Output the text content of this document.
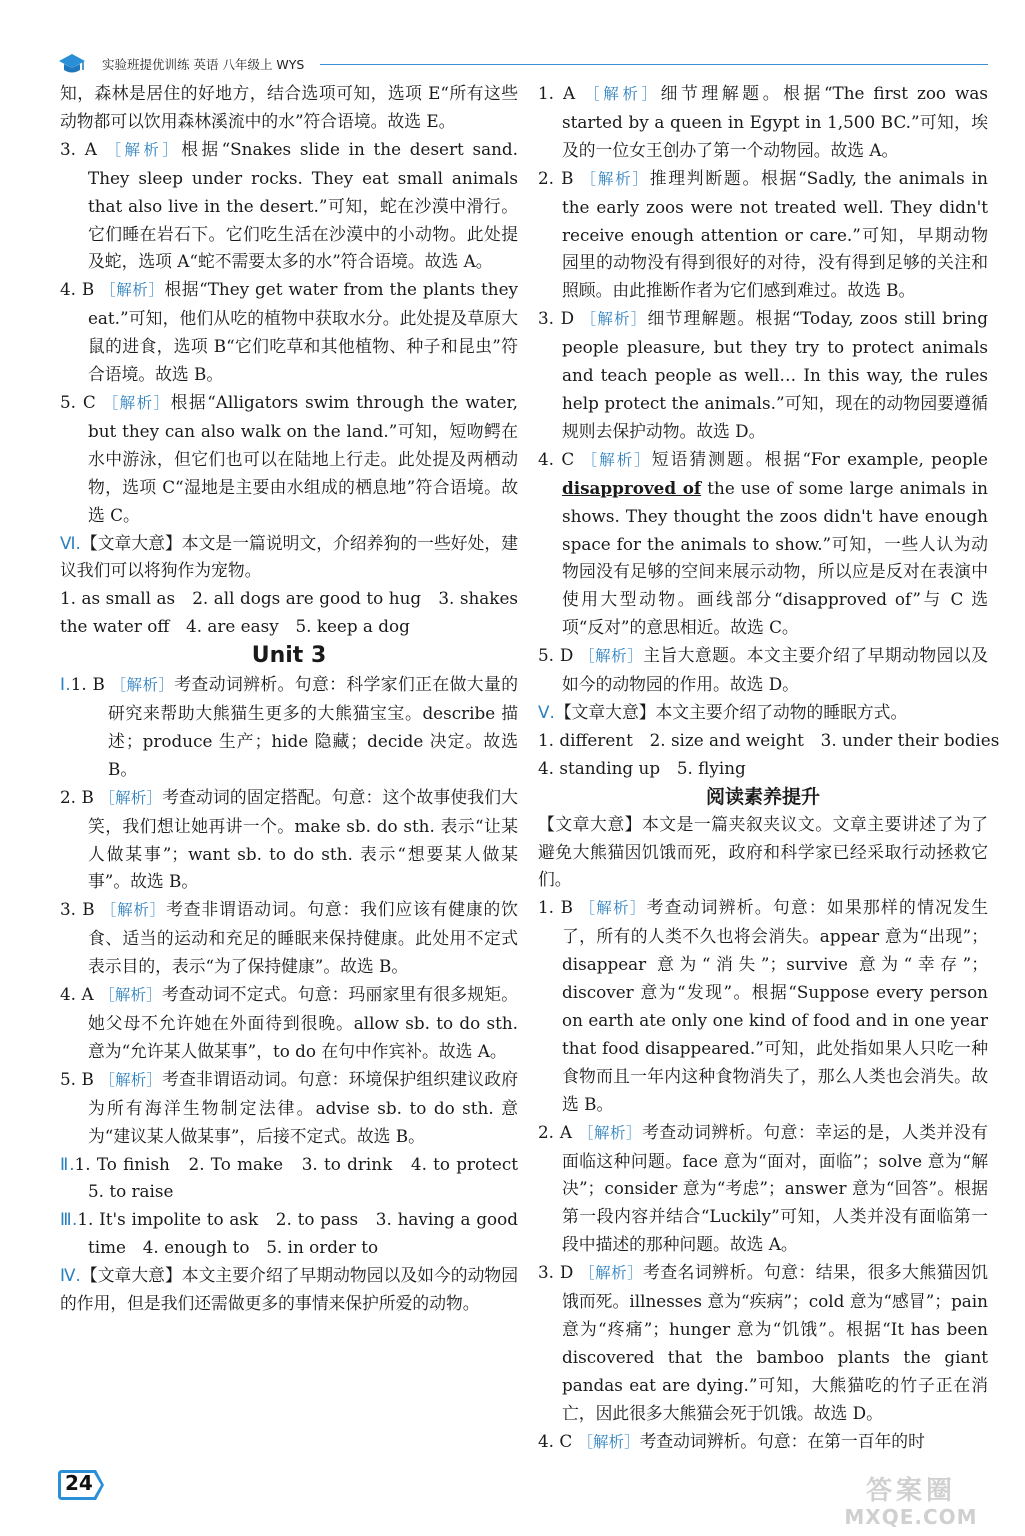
实验班提优训练 英语 八年级上 WYS

知，森林是居住的好地方，结合选项可知，选项 E“所有这些动物都可以饮用森林溪流中的水”符合语境。故选 E。

3. A ［解析］根据“Snakes slide in the desert sand. They sleep under rocks. They eat small animals that also live in the desert.”可知，蛇在沙漠中滑行。它们睡在岩石下。它们吃生活在沙漠中的小动物。此处提及蛇，选项 A“蛇不需要太多的水”符合语境。故选 A。

4. B ［解析］根据“They get water from the plants they eat.”可知，他们从吃的植物中获取水分。此处提及草原大鼠的进食，选项 B“它们吃草和其他植物、种子和昆虫”符合语境。故选 B。

5. C ［解析］根据“Alligators swim through the water, but they can also walk on the land.”可知，短吻鳄在水中游泳，但它们也可以在陆地上行走。此处提及两栖动物，选项 C“湿地是主要由水组成的栖息地”符合语境。故选 C。

Ⅵ.【文章大意】本文是一篇说明文，介绍养狗的一些好处，建议我们可以将狗作为宠物。

1. as small as　2. all dogs are good to hug　3. shakes the water off　4. are easy　5. keep a dog

Unit 3

Ⅰ.1. B ［解析］考查动词辨析。句意：科学家们正在做大量的研究来帮助大熊猫生更多的大熊猫宝宝。describe 描述；produce 生产；hide 隐藏；decide 决定。故选 B。

2. B ［解析］考查动词的固定搭配。句意：这个故事使我们大笑，我们想让她再讲一个。make sb. do sth. 表示“让某人做某事”；want sb. to do sth. 表示“想要某人做某事”。故选 B。

3. B ［解析］考查非谓语动词。句意：我们应该有健康的饮食、适当的运动和充足的睡眠来保持健康。此处用不定式表示目的，表示“为了保持健康”。故选 B。

4. A ［解析］考查动词不定式。句意：玛丽家里有很多规矩。她父母不允许她在外面待到很晚。allow sb. to do sth. 意为“允许某人做某事”，to do 在句中作宾补。故选 A。

5. B ［解析］考查非谓语动词。句意：环境保护组织建议政府为所有海洋生物制定法律。advise sb. to do sth. 意为“建议某人做某事”，后接不定式。故选 B。

Ⅱ.1. To finish　2. To make　3. to drink　4. to protect　5. to raise

Ⅲ.1. It's impolite to ask　2. to pass　3. having a good time　4. enough to　5. in order to

Ⅳ.【文章大意】本文主要介绍了早期动物园以及如今的动物园的作用，但是我们还需做更多的事情来保护所爱的动物。

1. A ［解析］细节理解题。根据“The first zoo was started by a queen in Egypt in 1,500 BC.”可知，埃及的一位女王创办了第一个动物园。故选 A。

2. B ［解析］推理判断题。根据“Sadly, the animals in the early zoos were not treated well. They didn't receive enough attention or care.”可知，早期动物园里的动物没有得到很好的对待，没有得到足够的关注和照顾。由此推断作者为它们感到难过。故选 B。

3. D ［解析］细节理解题。根据“Today, zoos still bring people pleasure, but they try to protect animals and teach people as well… In this way, the rules help protect the animals.”可知，现在的动物园要遵循规则去保护动物。故选 D。

4. C ［解析］短语猜测题。根据“For example, people disapproved of the use of some large animals in shows. They thought the zoos didn't have enough space for the animals to show.”可知，一些人认为动物园没有足够的空间来展示动物，所以应是反对在表演中使用大型动物。画线部分“disapproved of”与 C 选项“反对”的意思相近。故选 C。

5. D ［解析］主旨大意题。本文主要介绍了早期动物园以及如今的动物园的作用。故选 D。

Ⅴ.【文章大意】本文主要介绍了动物的睡眠方式。

1. different　2. size and weight　3. under their bodies

4. standing up　5. flying

阅读素养提升

【文章大意】本文是一篇夹叙夹议文。文章主要讲述了为了避免大熊猫因饥饿而死，政府和科学家已经采取行动拯救它们。

1. B ［解析］考查动词辨析。句意：如果那样的情况发生了，所有的人类不久也将会消失。appear 意为“出现”；disappear 意为“消失”；survive 意为“幸存”；discover 意为“发现”。根据“Suppose every person on earth ate only one kind of food and in one year that food disappeared.”可知，此处指如果人只吃一种食物而且一年内这种食物消失了，那么人类也会消失。故选 B。

2. A ［解析］考查动词辨析。句意：幸运的是，人类并没有面临这种问题。face 意为“面对，面临”；solve 意为“解决”；consider 意为“考虑”；answer 意为“回答”。根据第一段内容并结合“Luckily”可知，人类并没有面临第一段中描述的那种问题。故选 A。

3. D ［解析］考查名词辨析。句意：结果，很多大熊猫因饥饿而死。illnesses 意为“疾病”；cold 意为“感冒”；pain 意为“疼痛”；hunger 意为“饥饿”。根据“It has been discovered that the bamboo plants the giant pandas eat are dying.”可知，大熊猫吃的竹子正在消亡，因此很多大熊猫会死于饥饿。故选 D。

4. C ［解析］考查动词辨析。句意：在第一百年的时

24	答案圈
MXQE.COM
